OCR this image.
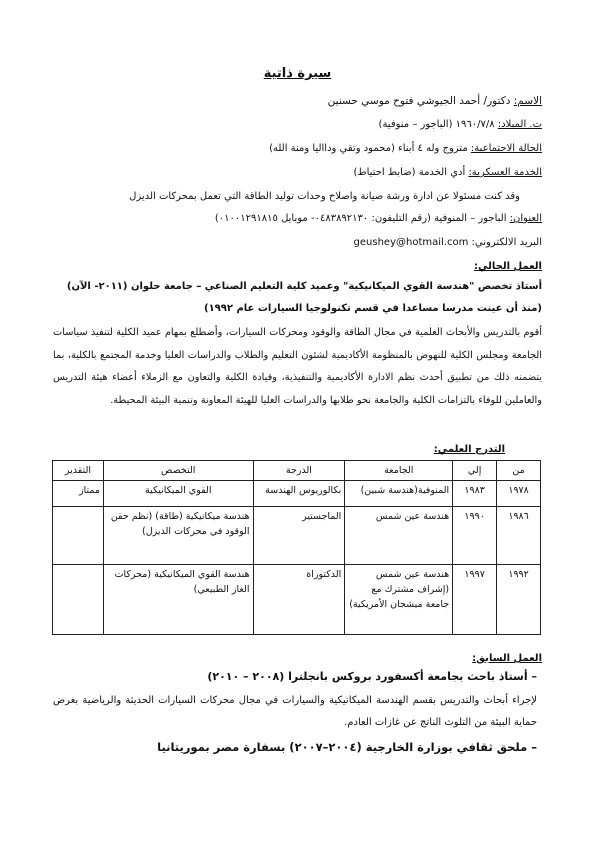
سيرة ذاتية
الاسم: دكتور/ أحمد الجيوشي فتوح موسي حسنين
ت. الميلاد: ١٩٦٠/٧/٨ (الباجور – منوفية)
الحالة الاجتماعية: متزوج وله ٤ أبناء (محمود وتقي ودااليا ومنة الله)
الخدمة العسكرية: أدي الخدمة (ضابط احتياط)
وقد كنت مسئولا عن ادارة ورشة صيانة واصلاح وحدات توليد الطاقة التي تعمل بمحركات الديزل
العنوان: الباجور – المنوفية (رقم التليفون: ٠٤٨٣٨٩٢١٣٠- موبايل ٠١٠٠١٢٩١٨١٥)
البريد الالكتروني: geushey@hotmail.com
العمل الحالي:
أستاذ تخصص "هندسة القوي الميكانيكية" وعميد كلية التعليم الصناعي – جامعة حلوان (٢٠١١- الآن)
(منذ أن عينت مدرسا مساعدا في قسم تكنولوجيا السيارات عام ١٩٩٢)
أقوم بالتدريس والأبحاث العلمية في مجال الطاقة والوقود ومحركات السيارات، وأضطلع بمهام عميد الكلية لتنفيذ سياسات الجامعة ومجلس الكلية للنهوض بالمنظومة الأكاديمية لشئون التعليم والطلاب والدراسات العليا وخدمة المجتمع بالكلية، بما يتضمنه ذلك من تطبيق أحدث نظم الادارة الأكاديمية والتنفيذية، وقيادة الكلية والتعاون مع الزملاء أعضاء هيئة التدريس والعاملين للوفاء بالتزامات الكلية والجامعة نحو طلابها والدراسات العليا للهيئة المعاونة وتنمية البيئة المحيطة.
التدرج العلمي:
من	إلي	الجامعة	الدرجة	التخصص	التقدير
١٩٧٨	١٩٨٣	المنوفية(هندسة شبين)	بكالوريوس الهندسة	القوي الميكانيكية	ممتاز
١٩٨٦	١٩٩٠	هندسة عين شمس	الماجستير	هندسة ميكانيكية (طاقة) (نظم حقن الوقود في محركات الديزل)	
١٩٩٢	١٩٩٧	هندسة عين شمس (إشراف مشترك مع جامعة ميشجان الأمريكية)	الدكتوراة	هندسة القوي الميكانيكية (محركات الغاز الطبيعي)	
العمل السابق:
– أستاذ باحث بجامعة أكسفورد بروكس بانجلترا (٢٠٠٨ – ٢٠١٠)
لإجراء أبحاث والتدريس بقسم الهندسة الميكانيكية والسيارات في مجال محركات السيارات الحديثة والرياضية بغرض حماية البيئة من التلوث الناتج عن غازات العادم.
– ملحق ثقافي بوزارة الخارجية (٢٠٠٤–٢٠٠٧) بسفارة مصر بموريتانيا
